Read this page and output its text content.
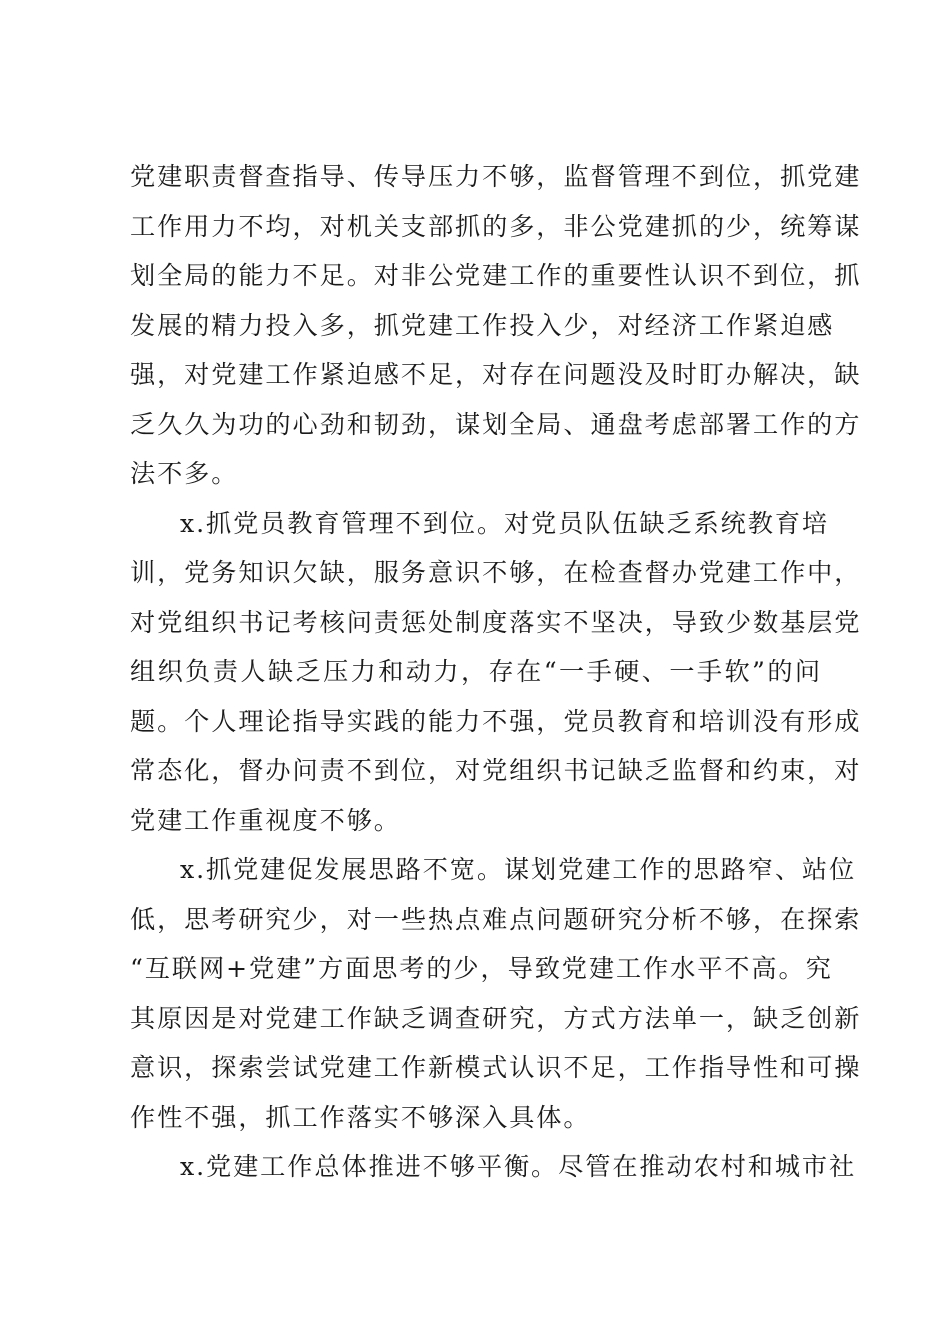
党建职责督查指导、传导压力不够，监督管理不到位，抓党建
工作用力不均，对机关支部抓的多，非公党建抓的少，统筹谋
划全局的能力不足。对非公党建工作的重要性认识不到位，抓
发展的精力投入多，抓党建工作投入少，对经济工作紧迫感
强，对党建工作紧迫感不足，对存在问题没及时盯办解决，缺
乏久久为功的心劲和韧劲，谋划全局、通盘考虑部署工作的方
法不多。
x.抓党员教育管理不到位。对党员队伍缺乏系统教育培
训，党务知识欠缺，服务意识不够，在检查督办党建工作中，
对党组织书记考核问责惩处制度落实不坚决，导致少数基层党
组织负责人缺乏压力和动力，存在“一手硬、一手软”的问
题。个人理论指导实践的能力不强，党员教育和培训没有形成
常态化，督办问责不到位，对党组织书记缺乏监督和约束，对
党建工作重视度不够。
x.抓党建促发展思路不宽。谋划党建工作的思路窄、站位
低，思考研究少，对一些热点难点问题研究分析不够，在探索
“互联网+党建”方面思考的少，导致党建工作水平不高。究
其原因是对党建工作缺乏调查研究，方式方法单一，缺乏创新
意识，探索尝试党建工作新模式认识不足，工作指导性和可操
作性不强，抓工作落实不够深入具体。
x.党建工作总体推进不够平衡。尽管在推动农村和城市社
